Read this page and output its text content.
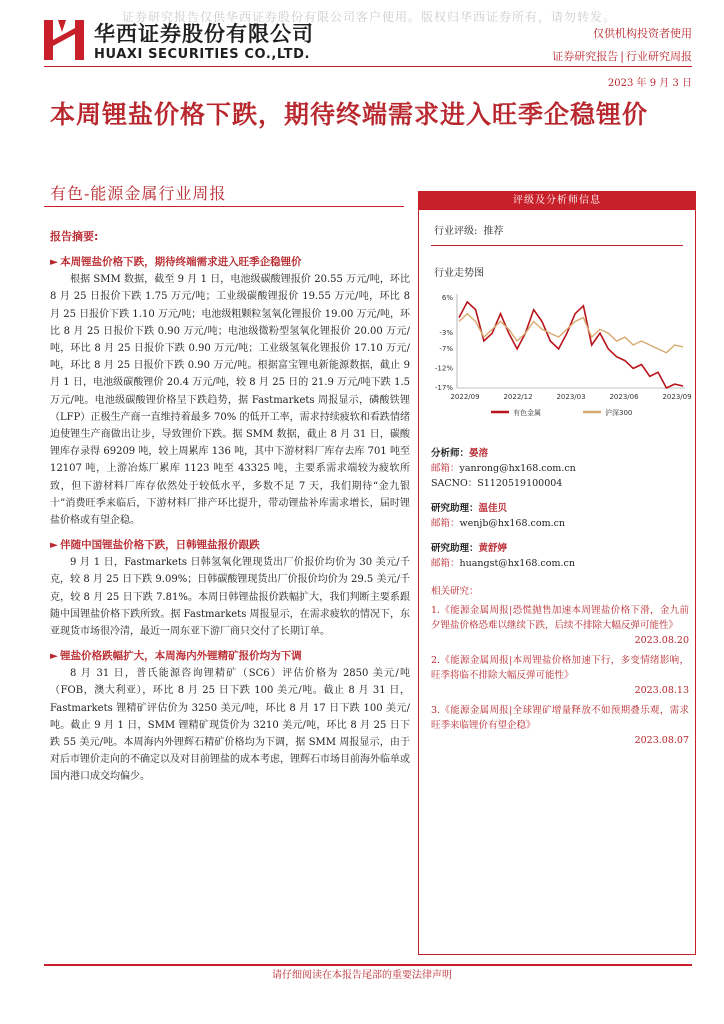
证券研究报告仅供华西证券股份有限公司客户使用。版权归华西证券所有，请勿转发。
华西证券股份有限公司
HUAXI SECURITIES CO.,LTD.
仅供机构投资者使用
证券研究报告 | 行业研究周报
2023 年 9 月 3 日
本周锂盐价格下跌，期待终端需求进入旺季企稳锂价
有色-能源金属行业周报
报告摘要:
► 本周锂盐价格下跌，期待终端需求进入旺季企稳锂价

根据 SMM 数据，截至 9 月 1 日，电池级碳酸锂报价 20.55 万元/吨，环比 8 月 25 日报价下跌 1.75 万元/吨；工业级碳酸锂报价 19.55 万元/吨，环比 8 月 25 日报价下跌 1.10 万元/吨；电池级粗颗粒氢氧化锂报价 19.00 万元/吨，环比 8 月 25 日报价下跌 0.90 万元/吨；电池级微粉型氢氧化锂报价 20.00 万元/吨，环比 8 月 25 日报价下跌 0.90 万元/吨；工业级氢氧化锂报价 17.10 万元/吨，环比 8 月 25 日报价下跌 0.90 万元/吨。根据富宝锂电新能源数据，截止 9 月 1 日，电池级碳酸锂价 20.4 万元/吨，较 8 月 25 日的 21.9 万元/吨下跌 1.5 万元/吨。电池级碳酸锂价格呈下跌趋势，据 Fastmarkets 周报显示，磷酸铁锂（LFP）正极生产商一直维持着最多 70% 的低开工率，需求持续疲软和看跌情绪迫使锂生产商做出让步，导致锂价下跌。据 SMM 数据，截止 8 月 31 日，碳酸锂库存录得 69209 吨，较上周累库 136 吨，其中下游材料厂库存去库 701 吨至 12107 吨，上游冶炼厂累库 1123 吨至 43325 吨，主要系需求端较为疲软所致，但下游材料厂库存依然处于较低水平，多数不足 7 天，我们期待“金九银十”消费旺季来临后，下游材料厂排产环比提升，带动锂盐补库需求增长，届时锂盐价格或有望企稳。

► 伴随中国锂盐价格下跌，日韩锂盐报价跟跌

9 月 1 日，Fastmarkets 日韩氢氧化锂现货出厂价报价均价为 30 美元/千克，较 8 月 25 日下跌 9.09%；日韩碳酸锂现货出厂价报价均价为 29.5 美元/千克，较 8 月 25 日下跌 7.81%。本周日韩锂盐报价跌幅扩大，我们判断主要系跟随中国锂盐价格下跌所致。据 Fastmarkets 周报显示，在需求疲软的情况下，东亚现货市场很冷清，最近一周东亚下游厂商只交付了长期订单。

► 锂盐价格跌幅扩大，本周海内外锂精矿报价均为下调

8 月 31 日，普氏能源咨询锂精矿（SC6）评估价格为 2850 美元/吨（FOB，澳大利亚），环比 8 月 25 日下跌 100 美元/吨。截止 8 月 31 日，Fastmarkets 锂精矿评估价为 3250 美元/吨，环比 8 月 17 日下跌 100 美元/吨。截止 9 月 1 日，SMM 锂精矿现货价为 3210 美元/吨，环比 8 月 25 日下跌 55 美元/吨。本周海内外锂辉石精矿价格均为下调，据 SMM 周报显示，由于对后市锂价走向的不确定以及对目前锂盐的成本考虑，锂辉石市场目前海外临单或国内港口成交均偏少。

评级及分析师信息
行业评级: 推荐
行业走势图
6%
-3%
-7%
-12%
-17%
2022/09	2022/12	2023/03	2023/06	2023/09
有色金属	沪深300
分析师：晏溶
邮箱：yanrong@hx168.com.cn
SACNO：S1120519100004
研究助理：温佳贝
邮箱：wenjb@hx168.com.cn
研究助理：黄舒婷
邮箱：huangst@hx168.com.cn
相关研究：
1.《能源金属周报|恐慌抛售加速本周锂盐价格下滑，金九前夕锂盐价格恐难以继续下跌，后续不排除大幅反弹可能性》
2023.08.20
2.《能源金属周报|本周锂盐价格加速下行，多变情绪影响，旺季将临不排除大幅反弹可能性》
2023.08.13
3.《能源金属周报|全球锂矿增量释放不如预期叠乐观，需求旺季来临锂价有望企稳》
2023.08.07
请仔细阅读在本报告尾部的重要法律声明
